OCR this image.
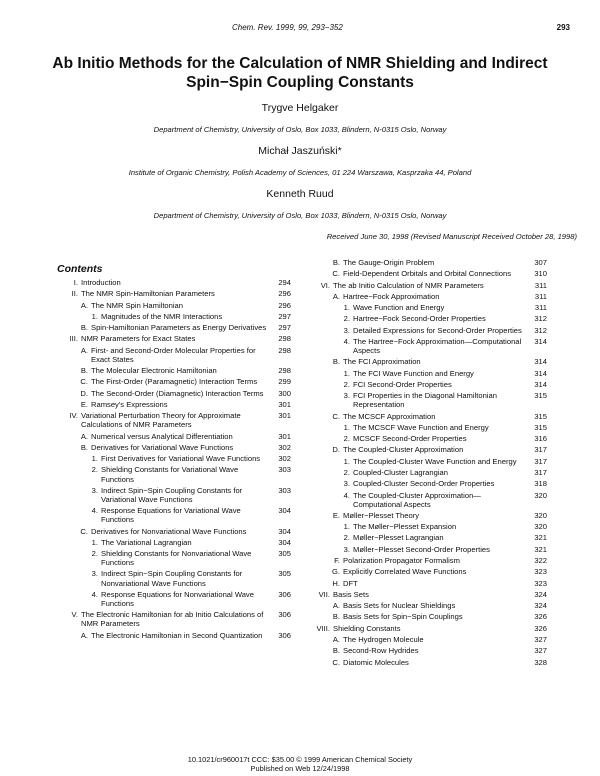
Chem. Rev. 1999, 99, 293−352	293
Ab Initio Methods for the Calculation of NMR Shielding and Indirect
Spin−Spin Coupling Constants
Trygve Helgaker
Department of Chemistry, University of Oslo, Box 1033, Blindern, N-0315 Oslo, Norway
Michał Jaszuński*
Institute of Organic Chemistry, Polish Academy of Sciences, 01 224 Warszawa, Kasprzaka 44, Poland
Kenneth Ruud
Department of Chemistry, University of Oslo, Box 1033, Blindern, N-0315 Oslo, Norway
Received June 30, 1998 (Revised Manuscript Received October 28, 1998)
Contents
I. Introduction	294
II. The NMR Spin-Hamiltonian Parameters	296
A. The NMR Spin Hamiltonian	296
1. Magnitudes of the NMR Interactions	297
B. Spin-Hamiltonian Parameters as Energy Derivatives	297
III. NMR Parameters for Exact States	298
A. First- and Second-Order Molecular Properties for Exact States
298
B. The Molecular Electronic Hamiltonian	298
C. The First-Order (Paramagnetic) Interaction Terms	299
D. The Second-Order (Diamagnetic) Interaction Terms	300
E. Ramsey's Expressions	301
IV. Variational Perturbation Theory for Approximate Calculations of NMR Parameters
301
A. Numerical versus Analytical Differentiation	301
B. Derivatives for Variational Wave Functions	302
1. First Derivatives for Variational Wave Functions	302
2. Shielding Constants for Variational Wave Functions
303
3. Indirect Spin−Spin Coupling Constants for Variational Wave Functions
303
4. Response Equations for Variational Wave Functions
304
C. Derivatives for Nonvariational Wave Functions	304
1. The Variational Lagrangian	304
2. Shielding Constants for Nonvariational Wave Functions
305
3. Indirect Spin−Spin Coupling Constants for Nonvariational Wave Functions
305
4. Response Equations for Nonvariational Wave Functions
306
V. The Electronic Hamiltonian for ab Initio Calculations of NMR Parameters
306
A. The Electronic Hamiltonian in Second Quantization	306
B. The Gauge-Origin Problem	307
C. Field-Dependent Orbitals and Orbital Connections	310
VI. The ab Initio Calculation of NMR Parameters	311
A. Hartree−Fock Approximation	311
1. Wave Function and Energy	311
2. Hartree−Fock Second-Order Properties	312
3. Detailed Expressions for Second-Order Properties	312
4. The Hartree−Fock Approximation—Computational Aspects
314
B. The FCI Approximation	314
1. The FCI Wave Function and Energy	314
2. FCI Second-Order Properties	314
3. FCI Properties in the Diagonal Hamiltonian Representation
315
C. The MCSCF Approximation	315
1. The MCSCF Wave Function and Energy	315
2. MCSCF Second-Order Properties	316
D. The Coupled-Cluster Approximation	317
1. The Coupled-Cluster Wave Function and Energy	317
2. Coupled-Cluster Lagrangian	317
3. Coupled-Cluster Second-Order Properties	318
4. The Coupled-Cluster Approximation—Computational Aspects
320
E. Møller−Plesset Theory	320
1. The Møller−Plesset Expansion	320
2. Møller−Plesset Lagrangian	321
3. Møller−Plesset Second-Order Properties	321
F. Polarization Propagator Formalism	322
G. Explicitly Correlated Wave Functions	323
H. DFT	323
VII. Basis Sets	324
A. Basis Sets for Nuclear Shieldings	324
B. Basis Sets for Spin−Spin Couplings	326
VIII. Shielding Constants	326
A. The Hydrogen Molecule	327
B. Second-Row Hydrides	327
C. Diatomic Molecules	328
10.1021/cr960017t CCC: $35.00 © 1999 American Chemical Society
Published on Web 12/24/1998
